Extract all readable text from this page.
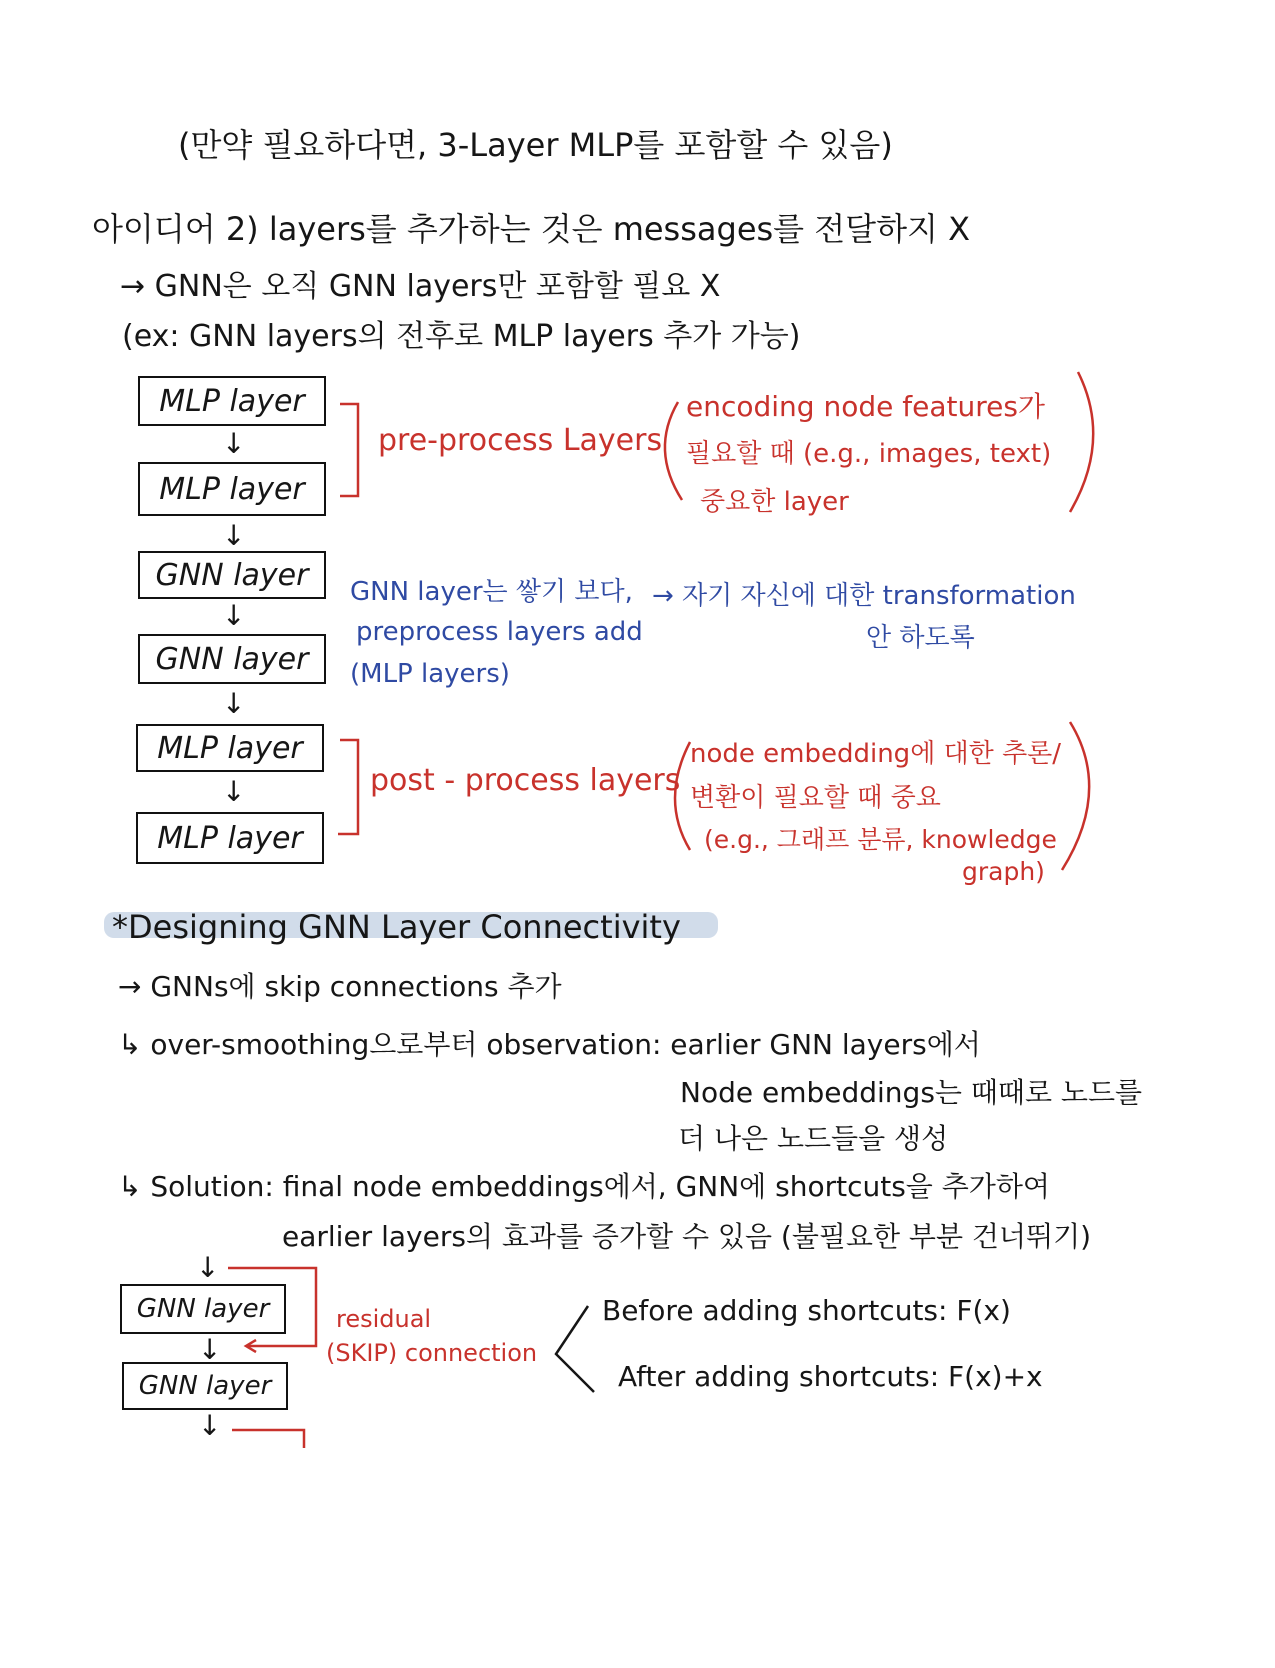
(만약 필요하다면, 3-Layer MLP를 포함할 수 있음)
아이디어 2) layers를 추가하는 것은 messages를 전달하지 X
→ GNN은 오직 GNN layers만 포함할 필요 X
(ex: GNN layers의 전후로 MLP layers 추가 가능)
MLP layer
↓
MLP layer
↓
GNN layer
↓
GNN layer
↓
MLP layer
↓
MLP layer
pre-process Layers
encoding node features가
필요할 때 (e.g., images, text)
중요한 layer
GNN layer는 쌓기 보다,
preprocess layers add
(MLP layers)
→ 자기 자신에 대한 transformation
안 하도록
post - process layers
node embedding에 대한 추론/
변환이 필요할 때 중요
(e.g., 그래프 분류, knowledge
graph)
*Designing GNN Layer Connectivity
→ GNNs에 skip connections 추가
↳ over-smoothing으로부터 observation: earlier GNN layers에서
Node embeddings는 때때로 노드를
더 나은 노드들을 생성
↳ Solution: final node embeddings에서, GNN에 shortcuts을 추가하여
earlier layers의 효과를 증가할 수 있음 (불필요한 부분 건너뛰기)
↓
GNN layer
↓
GNN layer
↓
residual
(SKIP) connection
Before adding shortcuts: F(x)
After adding shortcuts: F(x)+x
